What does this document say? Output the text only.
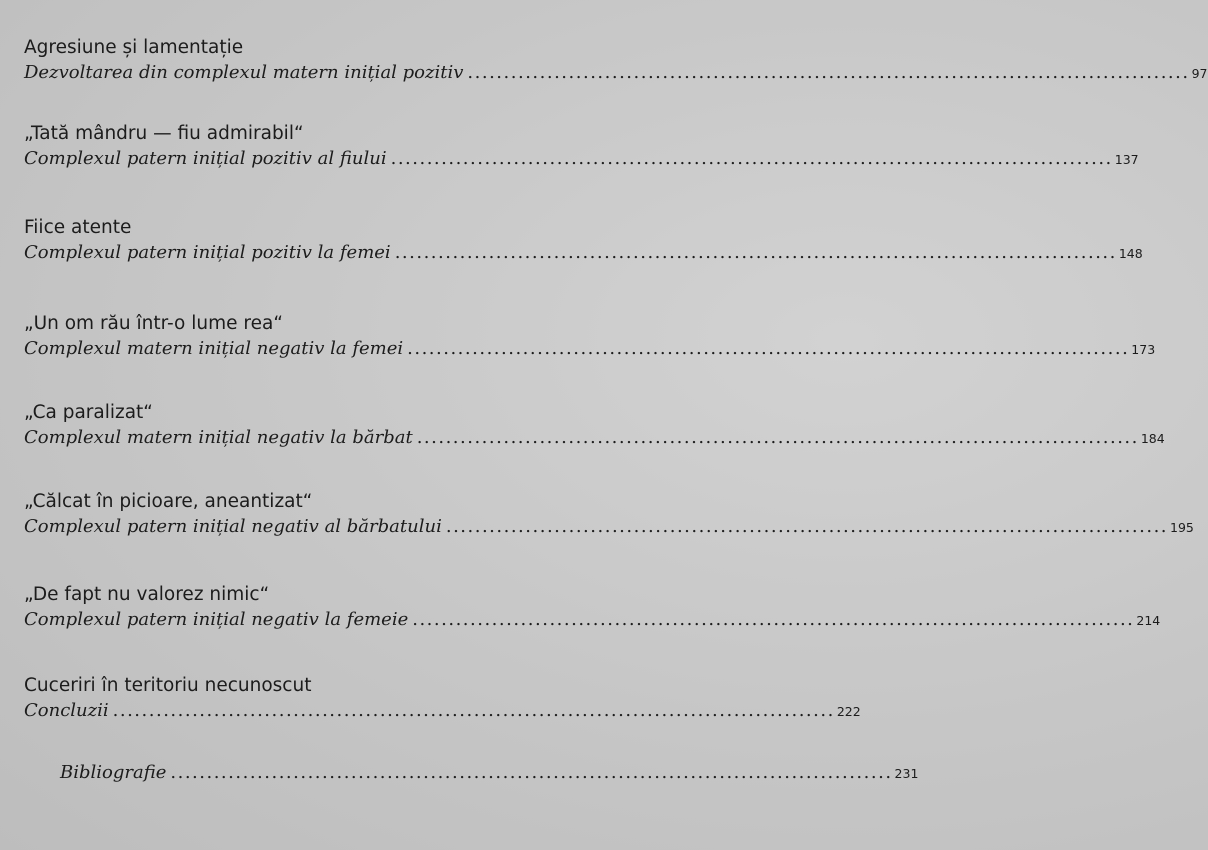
Agresiune și lamentație
Dezvoltarea din complexul matern inițial pozitiv .................................................................................................... 97
„Tată mândru — fiu admirabil“
Complexul patern inițial pozitiv al fiului .................................................................................................... 137
Fiice atente
Complexul patern inițial pozitiv la femei .................................................................................................... 148
„Un om rău într-o lume rea“
Complexul matern inițial negativ la femei .................................................................................................... 173
„Ca paralizat“
Complexul matern inițial negativ la bărbat .................................................................................................... 184
„Călcat în picioare, aneantizat“
Complexul patern inițial negativ al bărbatului .................................................................................................... 195
„De fapt nu valorez nimic“
Complexul patern inițial negativ la femeie .................................................................................................... 214
Cuceriri în teritoriu necunoscut
Concluzii .................................................................................................... 222
Bibliografie .................................................................................................... 231
